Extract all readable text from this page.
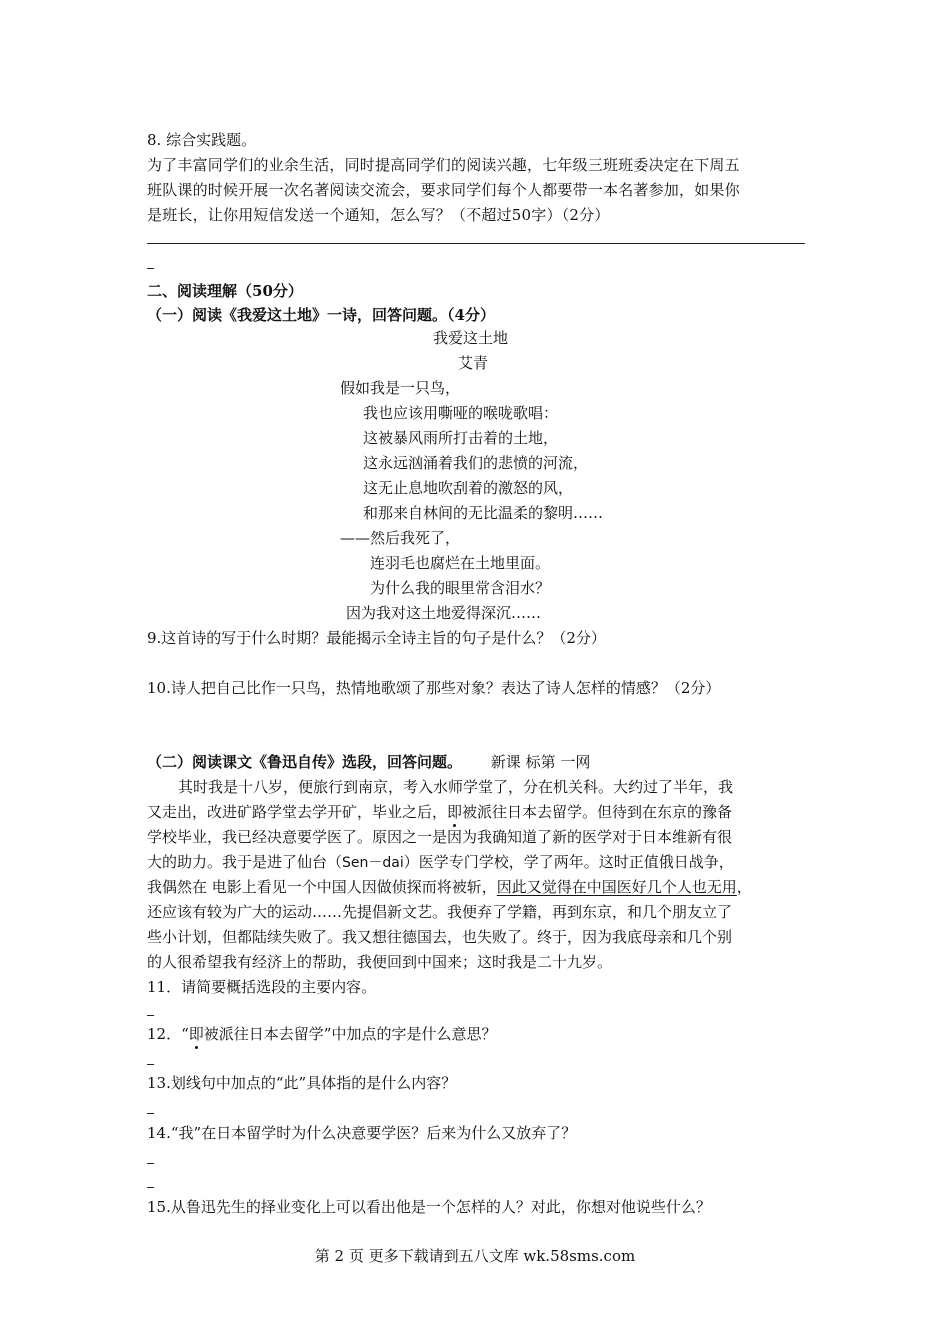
8. 综合实践题。
为了丰富同学们的业余生活，同时提高同学们的阅读兴趣，七年级三班班委决定在下周五
班队课的时候开展一次名著阅读交流会，要求同学们每个人都要带一本名著参加，如果你
是班长，让你用短信发送一个通知，怎么写？（不超过50字）（2分）
二、阅读理解（50分）
（一）阅读《我爱这土地》一诗，回答问题。（4分）
我爱这土地
艾青
假如我是一只鸟，
我也应该用嘶哑的喉咙歌唱：
这被暴风雨所打击着的土地，
这永远汹涌着我们的悲愤的河流，
这无止息地吹刮着的激怒的风，
和那来自林间的无比温柔的黎明……
——然后我死了，
连羽毛也腐烂在土地里面。
为什么我的眼里常含泪水？
因为我对这土地爱得深沉……
9.这首诗的写于什么时期？最能揭示全诗主旨的句子是什么？（2分）
10.诗人把自己比作一只鸟，热情地歌颂了那些对象？表达了诗人怎样的情感？（2分）
（二）阅读课文《鲁迅自传》选段，回答问题。 新课 标第 一网
其时我是十八岁，便旅行到南京，考入水师学堂了，分在机关科。大约过了半年，我
又走出，改进矿路学堂去学开矿，毕业之后，即被派往日本去留学。但待到在东京的豫备
学校毕业，我已经决意要学医了。原因之一是因为我确知道了新的医学对于日本维新有很
大的助力。我于是进了仙台（Sen－dai）医学专门学校，学了两年。这时正值俄日战争，
我偶然在 电影上看见一个中国人因做侦探而将被斩，因此又觉得在中国医好几个人也无用，
还应该有较为广大的运动……先提倡新文艺。我便弃了学籍，再到东京，和几个朋友立了
些小计划，但都陆续失败了。我又想往德国去，也失败了。终于，因为我底母亲和几个别
的人很希望我有经济上的帮助，我便回到中国来；这时我是二十九岁。
11．请简要概括选段的主要内容。
12．“即被派往日本去留学”中加点的字是什么意思？
13.划线句中加点的“此”具体指的是什么内容？
14.“我”在日本留学时为什么决意要学医？后来为什么又放弃了？
15.从鲁迅先生的择业变化上可以看出他是一个怎样的人？对此，你想对他说些什么？
第 2 页 更多下载请到五八文库 wk.58sms.com
